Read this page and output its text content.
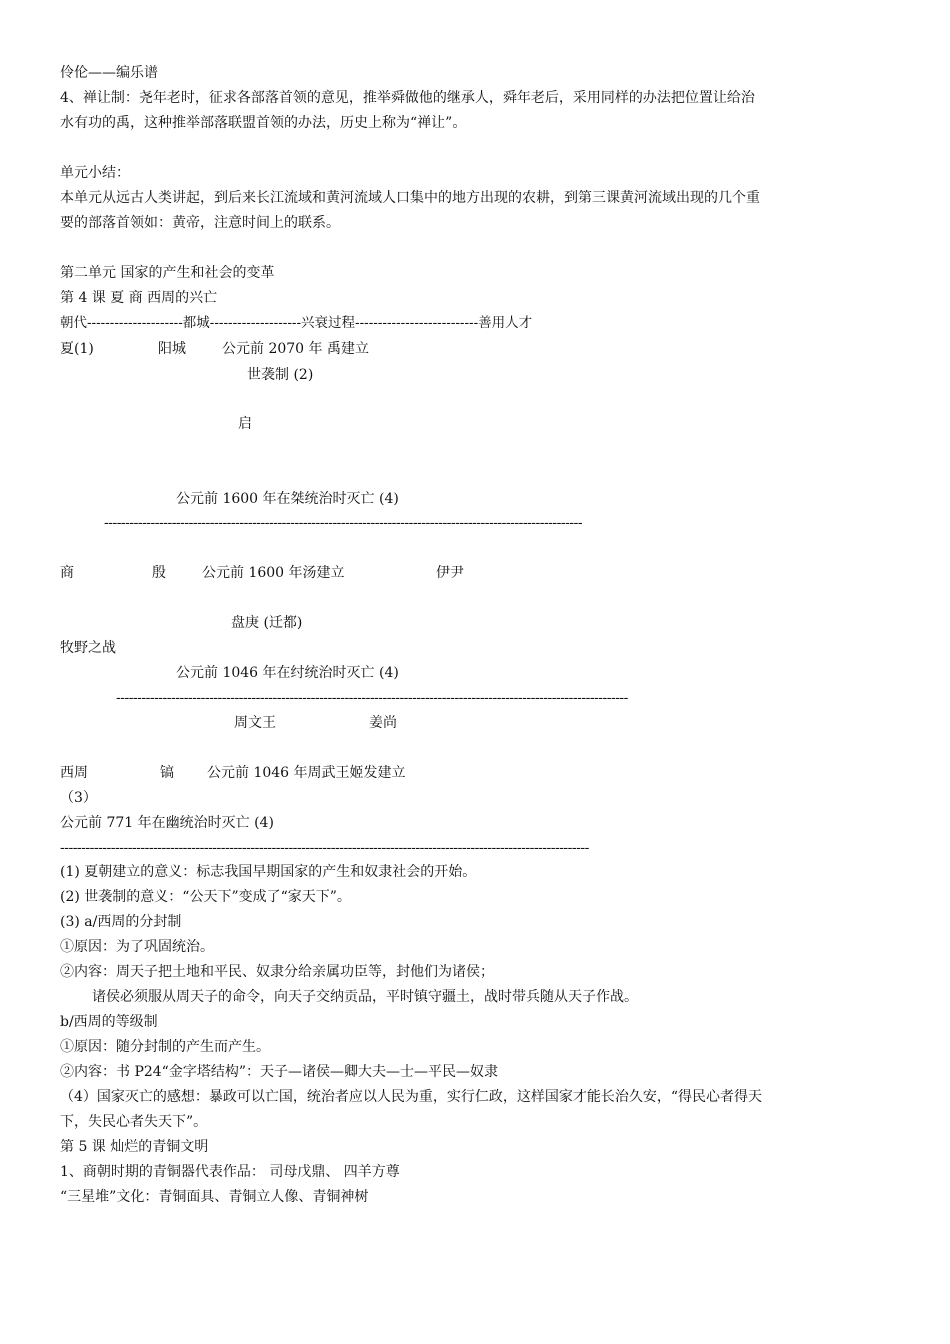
伶伦——编乐谱
4、禅让制：尧年老时，征求各部落首领的意见，推举舜做他的继承人，舜年老后，采用同样的办法把位置让给治
水有功的禹，这种推举部落联盟首领的办法，历史上称为“禅让”。
单元小结：
本单元从远古人类讲起，到后来长江流域和黄河流域人口集中的地方出现的农耕，到第三课黄河流域出现的几个重
要的部落首领如：黄帝，注意时间上的联系。
第二单元 国家的产生和社会的变革
第 4 课 夏 商 西周的兴亡
朝代---------------------都城--------------------兴衰过程---------------------------善用人才
夏(1)	阳城	公元前 2070 年 禹建立
世袭制 (2)
启
公元前 1600 年在桀统治时灭亡 (4)
-----------------------------------------------------------------------------------------------------------------
商	殷	公元前 1600 年汤建立	伊尹
盘庚 (迁都)
牧野之战
公元前 1046 年在纣统治时灭亡 (4)
-------------------------------------------------------------------------------------------------------------------------
周文王	姜尚
西周	镐 公元前 1046 年周武王姬发建立
（3）
公元前 771 年在幽统治时灭亡 (4)
-----------------------------------------------------------------------------------------------------------------------------
(1) 夏朝建立的意义：标志我国早期国家的产生和奴隶社会的开始。
(2) 世袭制的意义：“公天下”变成了“家天下”。
(3) a/西周的分封制
①原因：为了巩固统治。
②内容：周天子把土地和平民、奴隶分给亲属功臣等，封他们为诸侯；
诸侯必须服从周天子的命令，向天子交纳贡品，平时镇守疆土，战时带兵随从天子作战。
b/西周的等级制
①原因：随分封制的产生而产生。
②内容：书 P24“金字塔结构”：天子—诸侯—卿大夫—士—平民—奴隶
（4）国家灭亡的感想：暴政可以亡国，统治者应以人民为重，实行仁政，这样国家才能长治久安，“得民心者得天
下，失民心者失天下”。
第 5 课 灿烂的青铜文明
1、商朝时期的青铜器代表作品： 司母戊鼎、 四羊方尊
“三星堆”文化：青铜面具、青铜立人像、青铜神树
